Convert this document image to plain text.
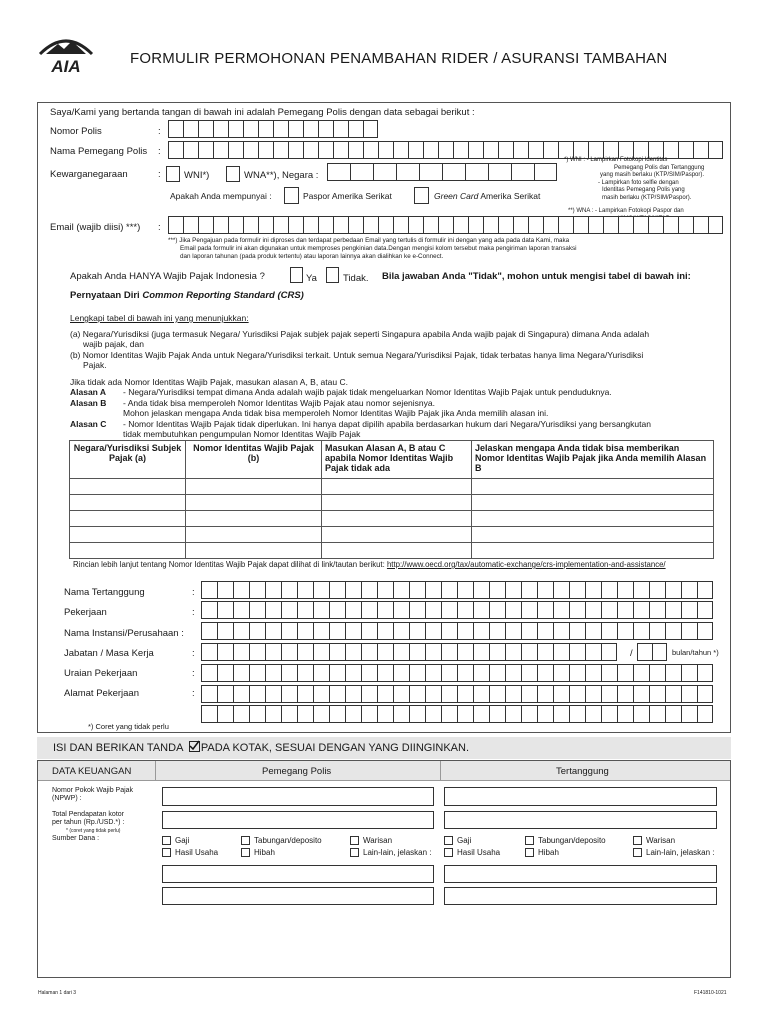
AIA	FORMULIR PERMOHONAN PENAMBAHAN RIDER / ASURANSI TAMBAHAN
Saya/Kami yang bertanda tangan di bawah ini adalah Pemegang Polis dengan data sebagai berikut :
Nomor Polis	:
Nama Pemegang Polis :
Kewarganegaraan	: WNI*)	WNA**), Negara :
*) WNI : - Lampirkan Fotokopi Identitas
Pemegang Polis dan Tertanggung
yang masih berlaku (KTP/SIM/Paspor).
- Lampirkan foto selfie dengan
Identitas Pemegang Polis yang
masih berlaku (KTP/SIM/Paspor).
**) WNA : - Lampirkan Fotokopi Paspor dan
Apakah Anda mempunyai :	Paspor Amerika Serikat	Green Card Amerika Serikat
Email (wajib diisi) ***) :
***) Jika Pengajuan pada formulir ini diproses dan terdapat perbedaan Email yang tertulis di formulir ini dengan yang ada pada data Kami, maka
Email pada formulir ini akan digunakan untuk memproses pengkinian data.Dengan mengisi kolom tersebut maka pengiriman laporan transaksi
dan laporan tahunan (pada produk tertentu) atau laporan lainnya akan dialihkan ke e-Connect.
Apakah Anda HANYA Wajib Pajak Indonesia ?	Ya	Tidak. Bila jawaban Anda "Tidak", mohon untuk mengisi tabel di bawah ini:
Pernyataan Diri Common Reporting Standard (CRS)
Lengkapi tabel di bawah ini yang menunjukkan:
(a) Negara/Yurisdiksi (juga termasuk Negara/ Yurisdiksi Pajak subjek pajak seperti Singapura apabila Anda wajib pajak di Singapura) dimana Anda adalah
wajib pajak, dan
(b) Nomor Identitas Wajib Pajak Anda untuk Negara/Yurisdiksi terkait. Untuk semua Negara/Yurisdiksi Pajak, tidak terbatas hanya lima Negara/Yurisdiksi
Pajak.
Jika tidak ada Nomor Identitas Wajib Pajak, masukan alasan A, B, atau C.
Alasan A - Negara/Yurisdiksi tempat dimana Anda adalah wajib pajak tidak mengeluarkan Nomor Identitas Wajib Pajak untuk penduduknya.
Alasan B - Anda tidak bisa memperoleh Nomor Identitas Wajib Pajak atau nomor sejenisnya.
Mohon jelaskan mengapa Anda tidak bisa memperoleh Nomor Identitas Wajib Pajak jika Anda memilih alasan ini.
Alasan C - Nomor Identitas Wajib Pajak tidak diperlukan. Ini hanya dapat dipilih apabila berdasarkan hukum dari Negara/Yurisdiksi yang bersangkutan
tidak membutuhkan pengumpulan Nomor Identitas Wajib Pajak
Negara/Yurisdiksi Subjek Pajak (a)	Nomor Identitas Wajib Pajak (b)	Masukan Alasan A, B atau C apabila Nomor Identitas Wajib Pajak tidak ada	Jelaskan mengapa Anda tidak bisa memberikan Nomor Identitas Wajib Pajak jika Anda memilih Alasan B

Rincian lebih lanjut tentang Nomor Identitas Wajib Pajak dapat dilihat di link/tautan berikut: http://www.oecd.org/tax/automatic-exchange/crs-implementation-and-assistance/
Nama Tertanggung	:
Pekerjaan	:
Nama Instansi/Perusahaan :
Jabatan / Masa Kerja	:	/	bulan/tahun *)
Uraian Pekerjaan	:
Alamat Pekerjaan	:
*) Coret yang tidak perlu
ISI DAN BERIKAN TANDA PADA KOTAK, SESUAI DENGAN YANG DIINGINKAN.
DATA KEUANGAN	Pemegang Polis	Tertanggung
Nomor Pokok Wajib Pajak
(NPWP) :
Total Pendapatan kotor
per tahun (Rp./USD.*) :
* (coret yang tidak perlu)
Sumber Dana :	Gaji	Tabungan/deposito	Warisan
Hasil Usaha	Hibah	Lain-lain, jelaskan :
Gaji	Tabungan/deposito	Warisan
Hasil Usaha	Hibah	Lain-lain, jelaskan :
Halaman 1 dari 3	F141810-1021
